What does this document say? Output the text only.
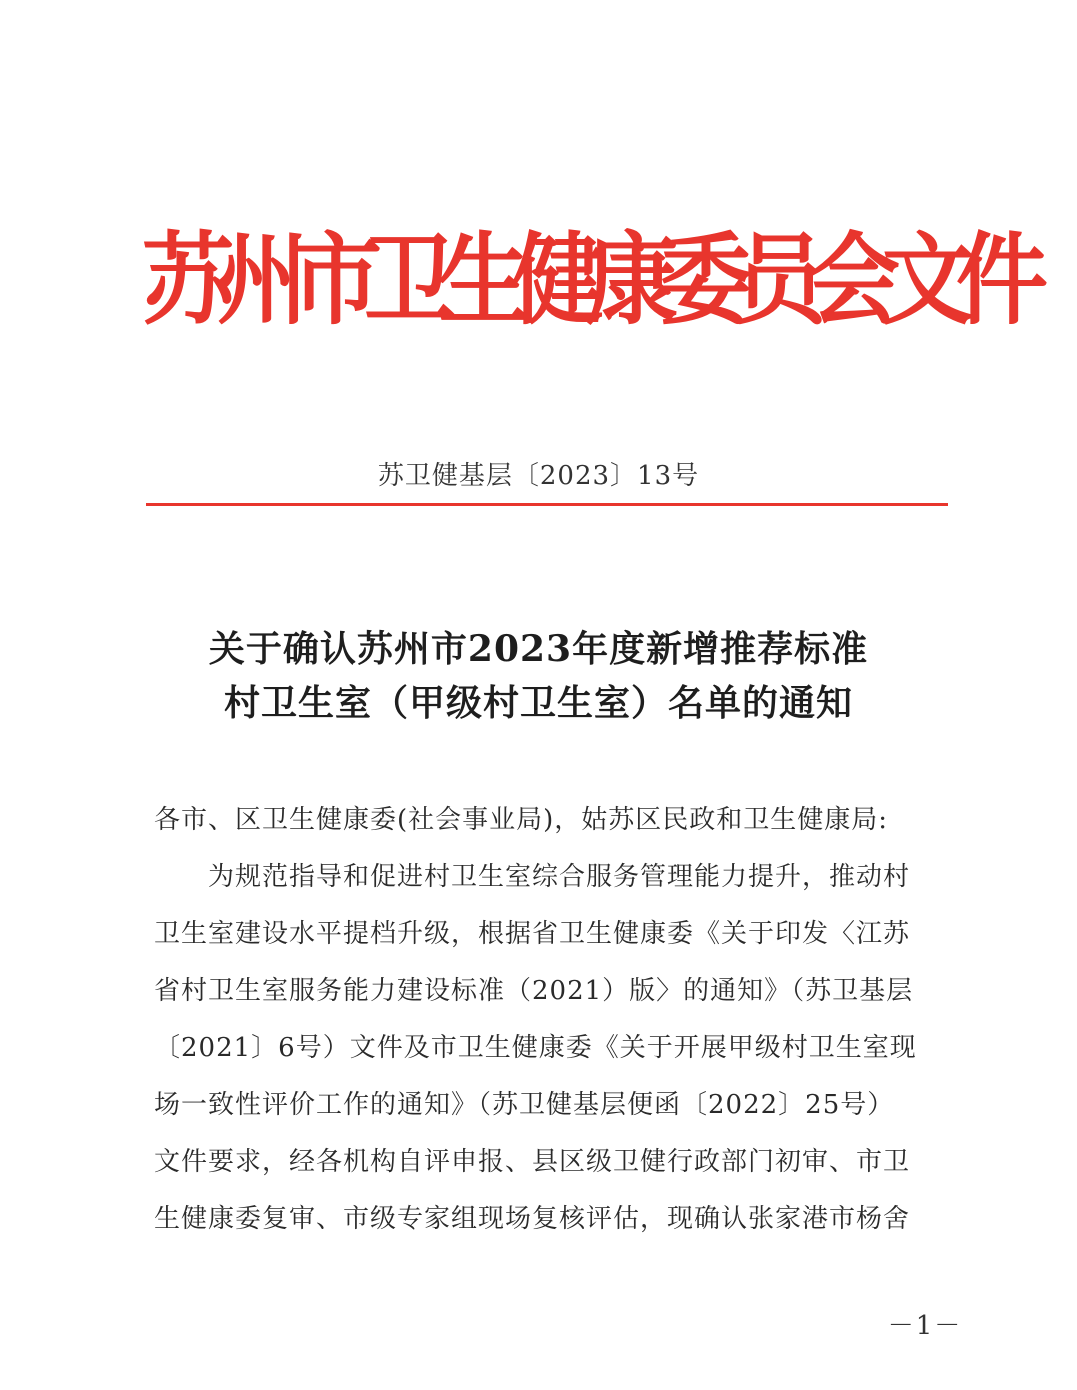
苏
州
市
卫
生
健
康
委
员
会
文
件
苏卫健基层〔2023〕13号
关于确认苏州市2023年度新增推荐标准
村卫生室（甲级村卫生室）名单的通知

各市、区卫生健康委(社会事业局)，姑苏区民政和卫生健康局:

为规范指导和促进村卫生室综合服务管理能力提升，推动村

卫生室建设水平提档升级，根据省卫生健康委《关于印发〈江苏

省村卫生室服务能力建设标准（2021）版〉的通知》（苏卫基层

〔2021〕6号）文件及市卫生健康委《关于开展甲级村卫生室现

场一致性评价工作的通知》（苏卫健基层便函〔2022〕25号）

文件要求，经各机构自评申报、县区级卫健行政部门初审、市卫

生健康委复审、市级专家组现场复核评估，现确认张家港市杨舍

－1－
